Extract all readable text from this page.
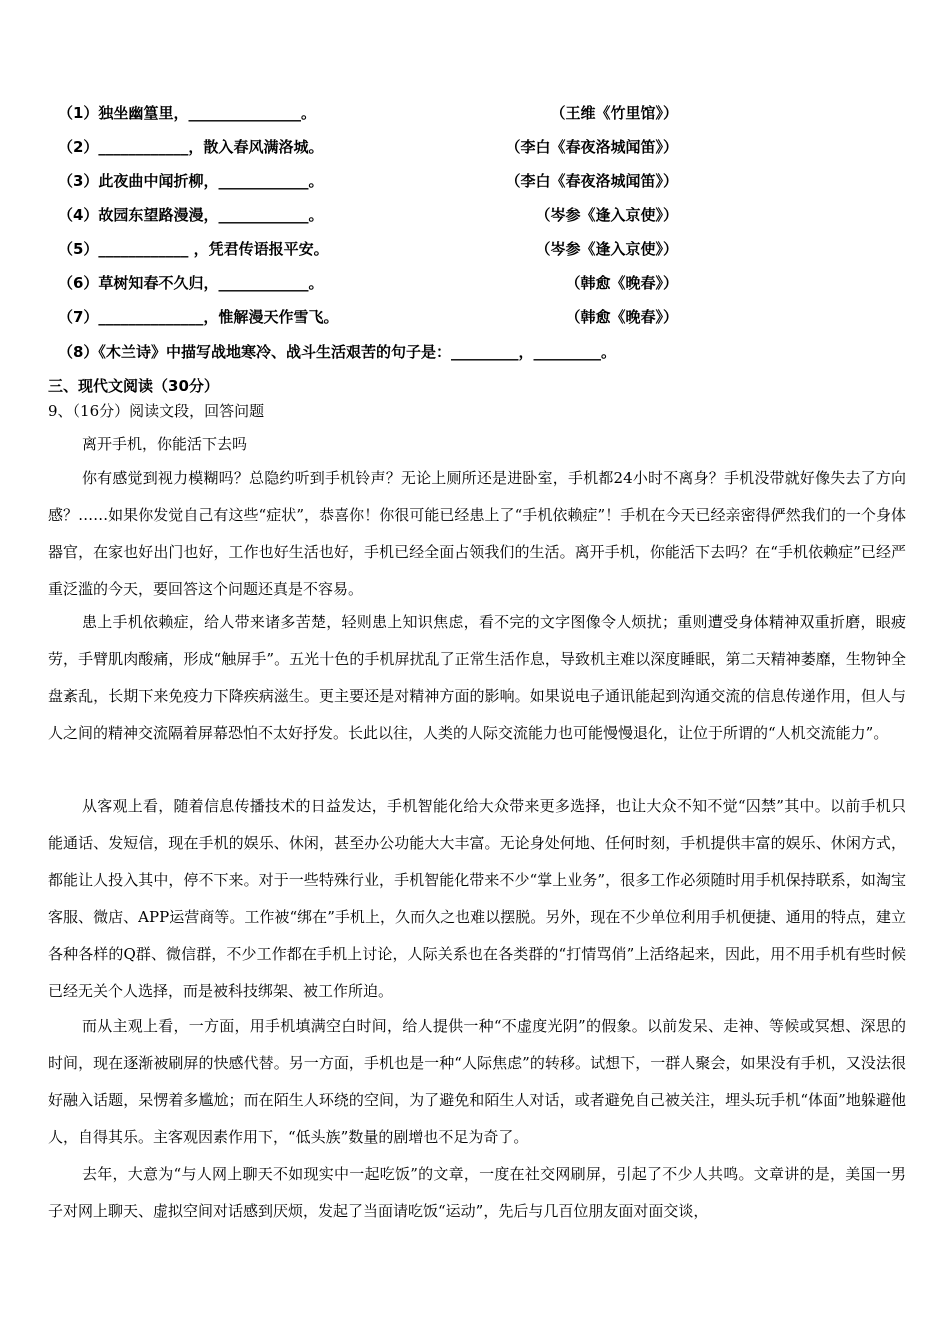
（1）独坐幽篁里，_______________。	（王维《竹里馆》）
（2）____________，散入春风满洛城。	（李白《春夜洛城闻笛》）
（3）此夜曲中闻折柳，____________。	（李白《春夜洛城闻笛》）
（4）故园东望路漫漫，____________。	（岑参《逢入京使》）
（5）____________ ，凭君传语报平安。	（岑参《逢入京使》）
（6）草树知春不久归，____________。	（韩愈《晚春》）
（7）______________，惟解漫天作雪飞。	（韩愈《晚春》）
（8）《木兰诗》中描写战地寒冷、战斗生活艰苦的句子是：_________，_________。
三、现代文阅读（30分）
9、（16分）阅读文段，回答问题
离开手机，你能活下去吗
你有感觉到视力模糊吗？总隐约听到手机铃声？无论上厕所还是进卧室，手机都24小时不离身？手机没带就好像失去了方向感？……如果你发觉自己有这些“症状”，恭喜你！你很可能已经患上了“手机依赖症”！手机在今天已经亲密得俨然我们的一个身体器官，在家也好出门也好，工作也好生活也好，手机已经全面占领我们的生活。离开手机，你能活下去吗？在“手机依赖症”已经严重泛滥的今天，要回答这个问题还真是不容易。
患上手机依赖症，给人带来诸多苦楚，轻则患上知识焦虑，看不完的文字图像令人烦扰；重则遭受身体精神双重折磨，眼疲劳，手臂肌肉酸痛，形成“触屏手”。五光十色的手机屏扰乱了正常生活作息，导致机主难以深度睡眠，第二天精神萎靡，生物钟全盘紊乱，长期下来免疫力下降疾病滋生。更主要还是对精神方面的影响。如果说电子通讯能起到沟通交流的信息传递作用，但人与人之间的精神交流隔着屏幕恐怕不太好抒发。长此以往，人类的人际交流能力也可能慢慢退化，让位于所谓的“人机交流能力”。
从客观上看，随着信息传播技术的日益发达，手机智能化给大众带来更多选择，也让大众不知不觉“囚禁”其中。以前手机只能通话、发短信，现在手机的娱乐、休闲，甚至办公功能大大丰富。无论身处何地、任何时刻，手机提供丰富的娱乐、休闲方式，都能让人投入其中，停不下来。对于一些特殊行业，手机智能化带来不少“掌上业务”，很多工作必须随时用手机保持联系，如淘宝客服、微店、APP运营商等。工作被“绑在”手机上，久而久之也难以摆脱。另外，现在不少单位利用手机便捷、通用的特点，建立各种各样的Q群、微信群，不少工作都在手机上讨论，人际关系也在各类群的“打情骂俏”上活络起来，因此，用不用手机有些时候已经无关个人选择，而是被科技绑架、被工作所迫。
而从主观上看，一方面，用手机填满空白时间，给人提供一种“不虚度光阴”的假象。以前发呆、走神、等候或冥想、深思的时间，现在逐渐被刷屏的快感代替。另一方面，手机也是一种“人际焦虑”的转移。试想下，一群人聚会，如果没有手机，又没法很好融入话题，呆愣着多尴尬；而在陌生人环绕的空间，为了避免和陌生人对话，或者避免自己被关注，埋头玩手机“体面”地躲避他人，自得其乐。主客观因素作用下，“低头族”数量的剧增也不足为奇了。
去年，大意为“与人网上聊天不如现实中一起吃饭”的文章，一度在社交网刷屏，引起了不少人共鸣。文章讲的是，美国一男子对网上聊天、虚拟空间对话感到厌烦，发起了当面请吃饭“运动”，先后与几百位朋友面对面交谈，
